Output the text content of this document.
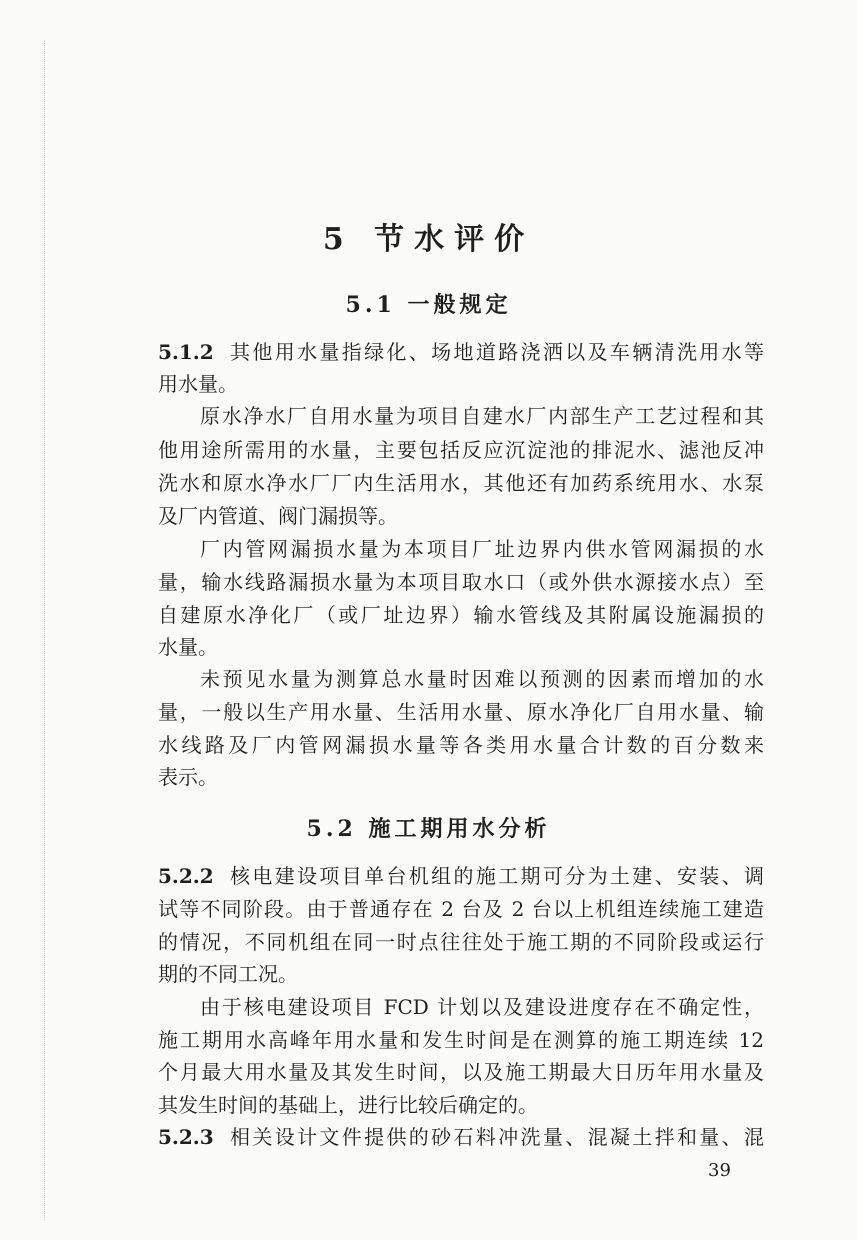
5 节水评价
5.1 一般规定
5.1.2 其他用水量指绿化、场地道路浇洒以及车辆清洗用水等
用水量。
原水净水厂自用水量为项目自建水厂内部生产工艺过程和其
他用途所需用的水量，主要包括反应沉淀池的排泥水、滤池反冲
洗水和原水净水厂厂内生活用水，其他还有加药系统用水、水泵
及厂内管道、阀门漏损等。
厂内管网漏损水量为本项目厂址边界内供水管网漏损的水
量，输水线路漏损水量为本项目取水口（或外供水源接水点）至
自建原水净化厂（或厂址边界）输水管线及其附属设施漏损的
水量。
未预见水量为测算总水量时因难以预测的因素而增加的水
量，一般以生产用水量、生活用水量、原水净化厂自用水量、输
水线路及厂内管网漏损水量等各类用水量合计数的百分数来
表示。
5.2 施工期用水分析
5.2.2 核电建设项目单台机组的施工期可分为土建、安装、调
试等不同阶段。由于普通存在 2 台及 2 台以上机组连续施工建造
的情况，不同机组在同一时点往往处于施工期的不同阶段或运行
期的不同工况。
由于核电建设项目 FCD 计划以及建设进度存在不确定性，
施工期用水高峰年用水量和发生时间是在测算的施工期连续 12
个月最大用水量及其发生时间，以及施工期最大日历年用水量及
其发生时间的基础上，进行比较后确定的。
5.2.3 相关设计文件提供的砂石料冲洗量、混凝土拌和量、混
39
